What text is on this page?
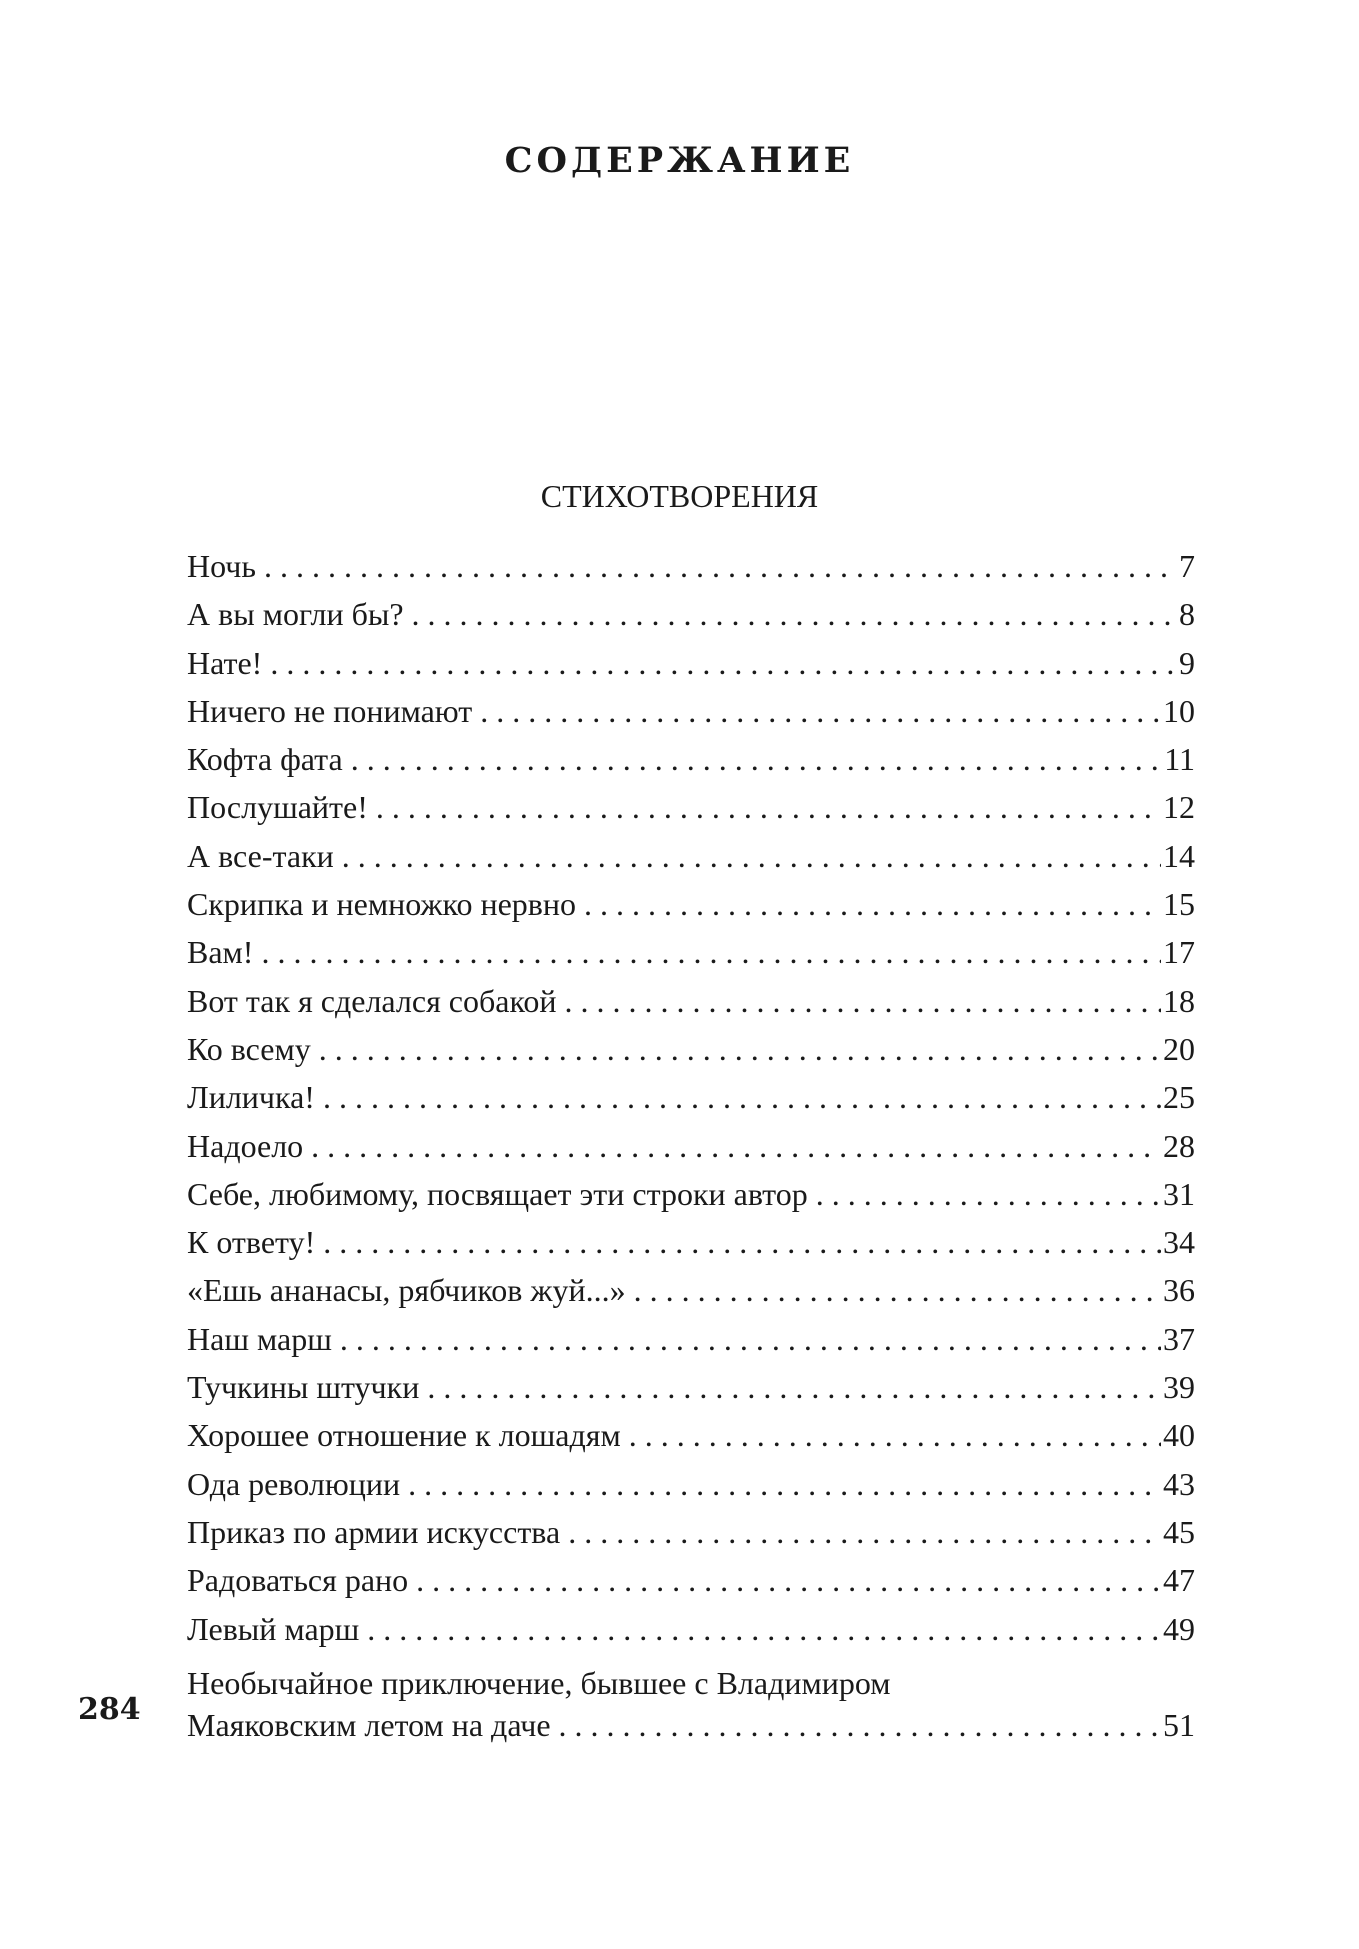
СОДЕРЖАНИЕ
СТИХОТВОРЕНИЯ
Ночь . . .	7
А вы могли бы? . . .	8
Нате! . . .	9
Ничего не понимают . . .	10
Кофта фата . . .	11
Послушайте! . . .	12
А все-таки . . .	14
Скрипка и немножко нервно . . .	15
Вам! . . .	17
Вот так я сделался собакой . . .	18
Ко всему . . .	20
Лиличка! . . .	25
Надоело . . .	28
Себе, любимому, посвящает эти строки автор . . .	31
К ответу! . . .	34
«Ешь ананасы, рябчиков жуй...» . . .	36
Наш марш . . .	37
Тучкины штучки . . .	39
Хорошее отношение к лошадям . . .	40
Ода революции . . .	43
Приказ по армии искусства . . .	45
Радоваться рано . . .	47
Левый марш . . .	49
Необычайное приключение, бывшее с Владимиром
Маяковским летом на даче . . .	51
284
